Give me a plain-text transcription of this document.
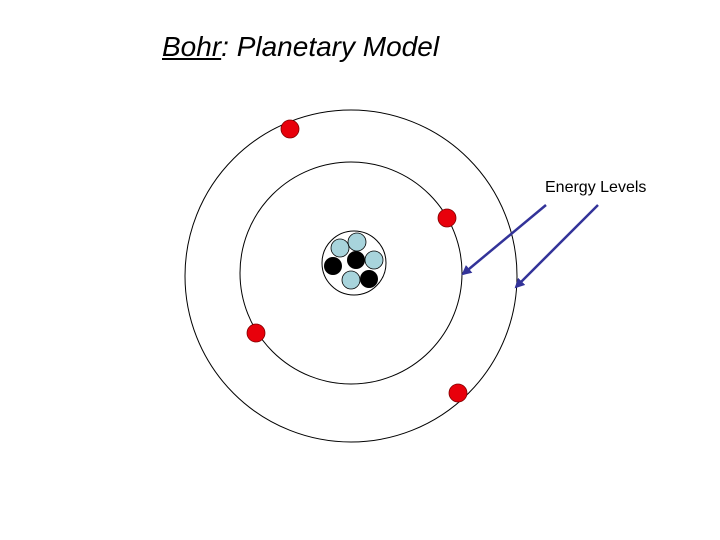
Bohr: Planetary Model
Energy Levels
